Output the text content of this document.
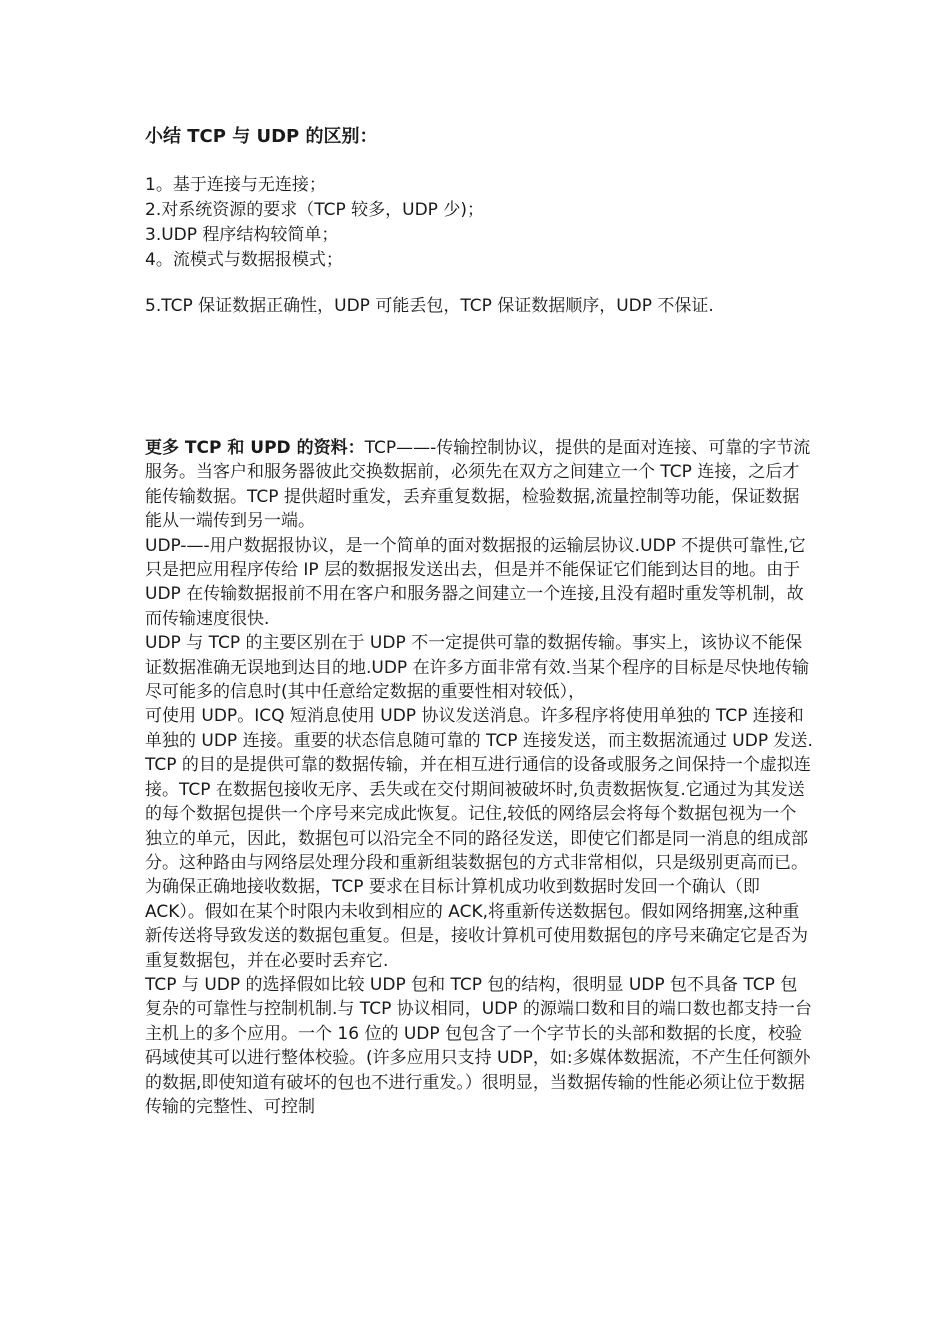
小结 TCP 与 UDP 的区别：
1。基于连接与无连接；
2.对系统资源的要求（TCP 较多，UDP 少)；
3.UDP 程序结构较简单；
4。流模式与数据报模式；
5.TCP 保证数据正确性，UDP 可能丢包，TCP 保证数据顺序，UDP 不保证.

更多 TCP 和 UPD 的资料：TCP——-传输控制协议，提供的是面对连接、可靠的字节流服务。当客户和服务器彼此交换数据前，必须先在双方之间建立一个 TCP 连接，之后才能传输数据。TCP 提供超时重发，丢弃重复数据，检验数据,流量控制等功能，保证数据能从一端传到另一端。

UDP-—-用户数据报协议，是一个简单的面对数据报的运输层协议.UDP 不提供可靠性,它只是把应用程序传给 IP 层的数据报发送出去，但是并不能保证它们能到达目的地。由于 UDP 在传输数据报前不用在客户和服务器之间建立一个连接,且没有超时重发等机制，故而传输速度很快.

UDP 与 TCP 的主要区别在于 UDP 不一定提供可靠的数据传输。事实上，该协议不能保证数据准确无误地到达目的地.UDP 在许多方面非常有效.当某个程序的目标是尽快地传输尽可能多的信息时(其中任意给定数据的重要性相对较低），

可使用 UDP。ICQ 短消息使用 UDP 协议发送消息。许多程序将使用单独的 TCP 连接和单独的 UDP 连接。重要的状态信息随可靠的 TCP 连接发送，而主数据流通过 UDP 发送.

TCP 的目的是提供可靠的数据传输，并在相互进行通信的设备或服务之间保持一个虚拟连接。TCP 在数据包接收无序、丢失或在交付期间被破坏时,负责数据恢复.它通过为其发送的每个数据包提供一个序号来完成此恢复。记住,较低的网络层会将每个数据包视为一个独立的单元，因此，数据包可以沿完全不同的路径发送，即使它们都是同一消息的组成部分。这种路由与网络层处理分段和重新组装数据包的方式非常相似，只是级别更高而已。为确保正确地接收数据，TCP 要求在目标计算机成功收到数据时发回一个确认（即 ACK）。假如在某个时限内未收到相应的 ACK,将重新传送数据包。假如网络拥塞,这种重新传送将导致发送的数据包重复。但是，接收计算机可使用数据包的序号来确定它是否为重复数据包，并在必要时丢弃它.

TCP 与 UDP 的选择假如比较 UDP 包和 TCP 包的结构，很明显 UDP 包不具备 TCP 包复杂的可靠性与控制机制.与 TCP 协议相同，UDP 的源端口数和目的端口数也都支持一台主机上的多个应用。一个 16 位的 UDP 包包含了一个字节长的头部和数据的长度，校验码域使其可以进行整体校验。(许多应用只支持 UDP，如:多媒体数据流，不产生任何额外的数据,即使知道有破坏的包也不进行重发。）很明显，当数据传输的性能必须让位于数据传输的完整性、可控制
